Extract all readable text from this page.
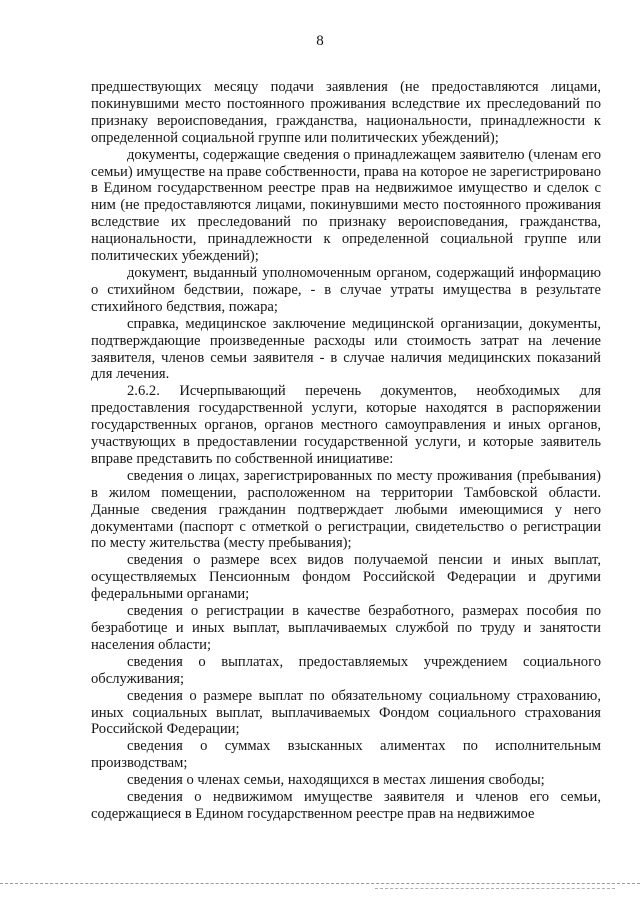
8

предшествующих месяцу подачи заявления (не предоставляются лицами, покинувшими место постоянного проживания вследствие их преследований по признаку вероисповедания, гражданства, национальности, принадлежности к определенной социальной группе или политических убеждений);

документы, содержащие сведения о принадлежащем заявителю (членам его семьи) имуществе на праве собственности, права на которое не зарегистрировано в Едином государственном реестре прав на недвижимое имущество и сделок с ним (не предоставляются лицами, покинувшими место постоянного проживания вследствие их преследований по признаку вероисповедания, гражданства, национальности, принадлежности к определенной социальной группе или политических убеждений);

документ, выданный уполномоченным органом, содержащий информацию о стихийном бедствии, пожаре, - в случае утраты имущества в результате стихийного бедствия, пожара;

справка, медицинское заключение медицинской организации, документы, подтверждающие произведенные расходы или стоимость затрат на лечение заявителя, членов семьи заявителя - в случае наличия медицинских показаний для лечения.

2.6.2. Исчерпывающий перечень документов, необходимых для предоставления государственной услуги, которые находятся в распоряжении государственных органов, органов местного самоуправления и иных органов, участвующих в предоставлении государственной услуги, и которые заявитель вправе представить по собственной инициативе:

сведения о лицах, зарегистрированных по месту проживания (пребывания) в жилом помещении, расположенном на территории Тамбовской области. Данные сведения гражданин подтверждает любыми имеющимися у него документами (паспорт с отметкой о регистрации, свидетельство о регистрации по месту жительства (месту пребывания);

сведения о размере всех видов получаемой пенсии и иных выплат, осуществляемых Пенсионным фондом Российской Федерации и другими федеральными органами;

сведения о регистрации в качестве безработного, размерах пособия по безработице и иных выплат, выплачиваемых службой по труду и занятости населения области;

сведения о выплатах, предоставляемых учреждением социального обслуживания;

сведения о размере выплат по обязательному социальному страхованию, иных социальных выплат, выплачиваемых Фондом социального страхования Российской Федерации;

сведения о суммах взысканных алиментах по исполнительным производствам;

сведения о членах семьи, находящихся в местах лишения свободы;

сведения о недвижимом имуществе заявителя и членов его семьи, содержащиеся в Едином государственном реестре прав на недвижимое
